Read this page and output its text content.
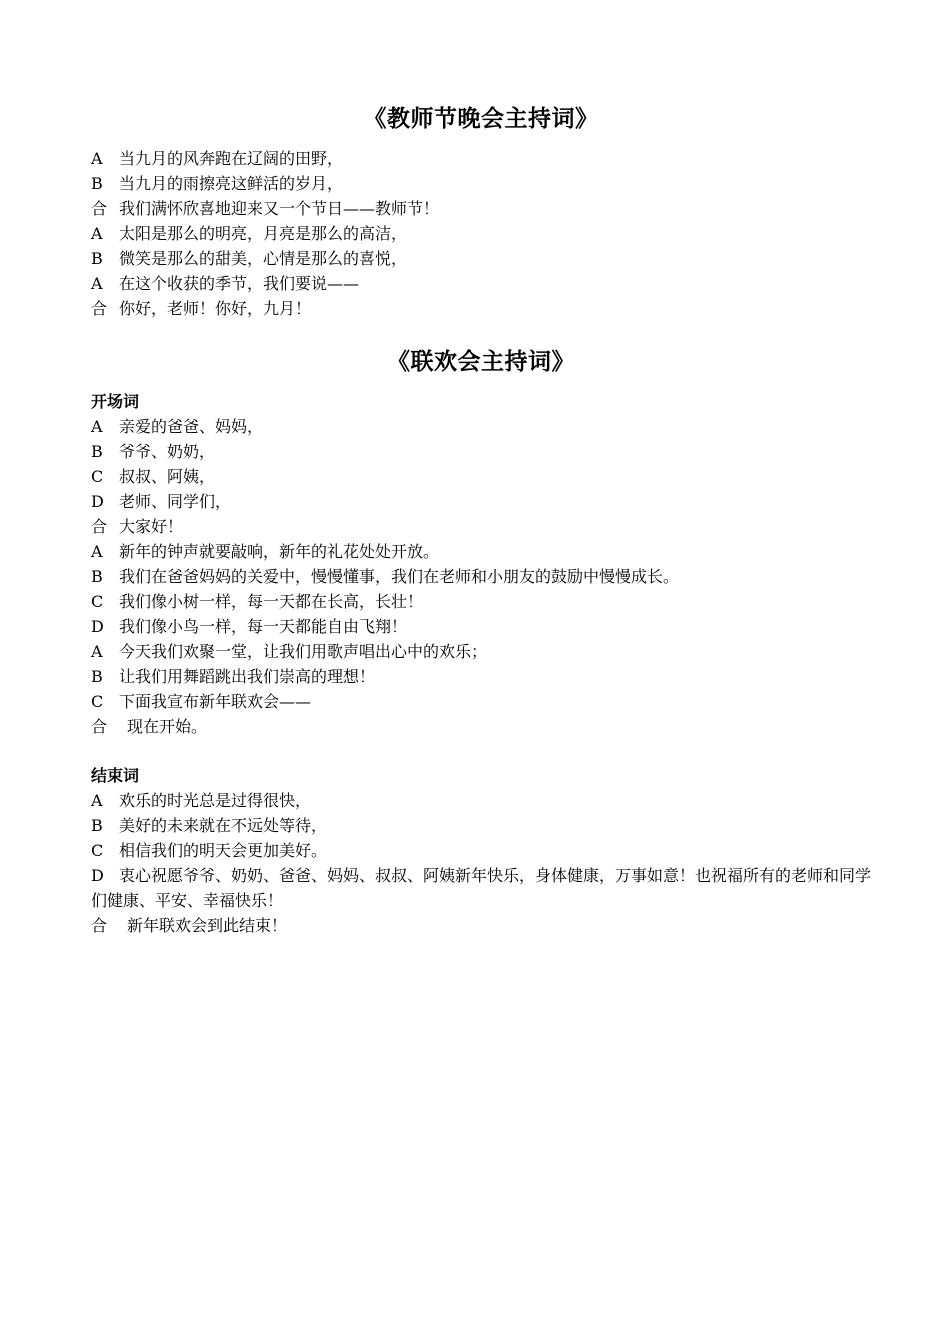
《教师节晚会主持词》

A 当九月的风奔跑在辽阔的田野，

B 当九月的雨擦亮这鲜活的岁月，

合 我们满怀欣喜地迎来又一个节日——教师节！

A 太阳是那么的明亮，月亮是那么的高洁，

B 微笑是那么的甜美，心情是那么的喜悦，

A 在这个收获的季节，我们要说——

合 你好，老师！你好，九月！

《联欢会主持词》

开场词

A 亲爱的爸爸、妈妈，

B 爷爷、奶奶，

C 叔叔、阿姨，

D 老师、同学们，

合 大家好！

A 新年的钟声就要敲响，新年的礼花处处开放。

B 我们在爸爸妈妈的关爱中，慢慢懂事，我们在老师和小朋友的鼓励中慢慢成长。

C 我们像小树一样，每一天都在长高，长壮！

D 我们像小鸟一样，每一天都能自由飞翔！

A 今天我们欢聚一堂，让我们用歌声唱出心中的欢乐；

B 让我们用舞蹈跳出我们崇高的理想！

C 下面我宣布新年联欢会——

合 现在开始。

结束词

A 欢乐的时光总是过得很快，

B 美好的未来就在不远处等待，

C 相信我们的明天会更加美好。

D 衷心祝愿爷爷、奶奶、爸爸、妈妈、叔叔、阿姨新年快乐，身体健康，万事如意！也祝福所有的老师和同学们健康、平安、幸福快乐！

合 新年联欢会到此结束！
